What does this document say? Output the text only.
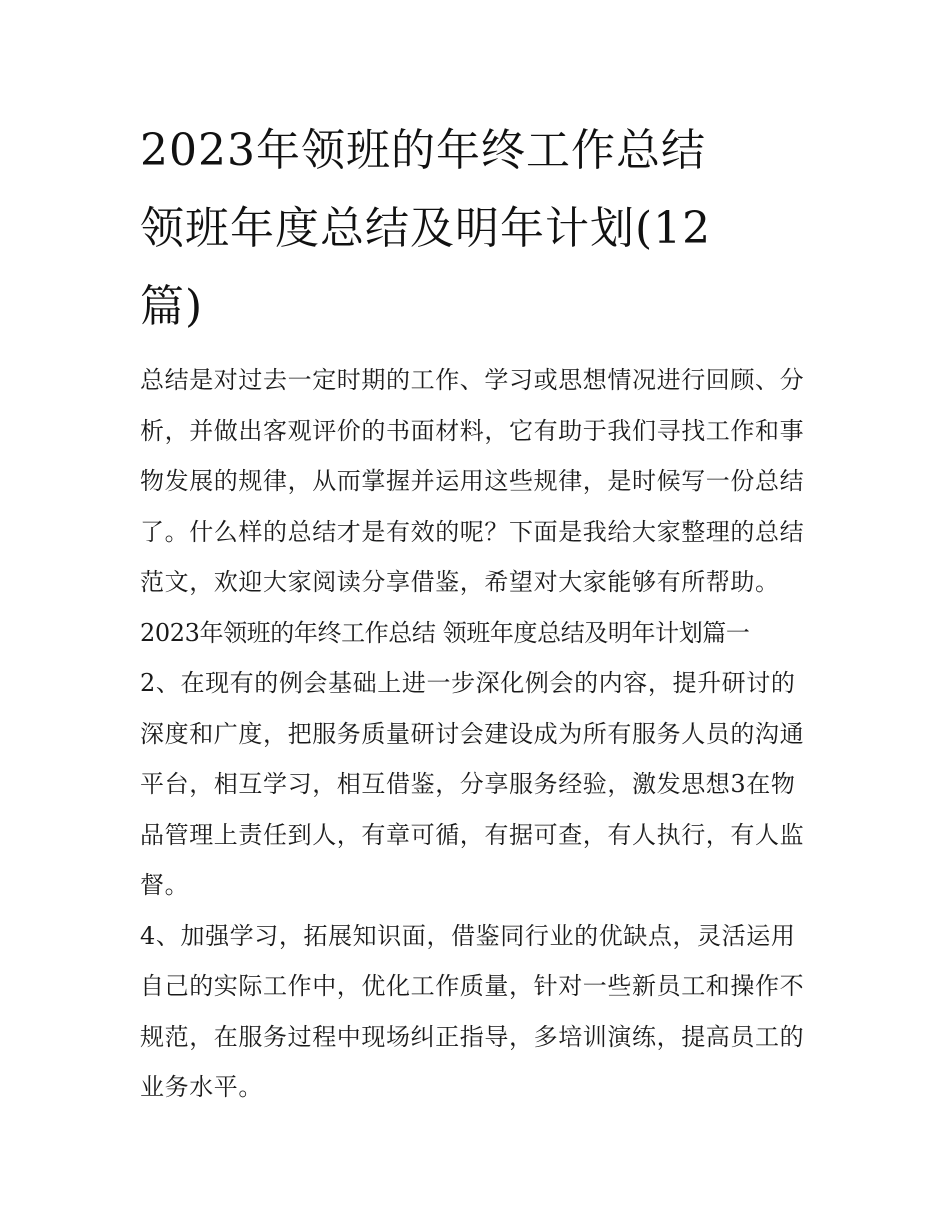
2023年领班的年终工作总结
领班年度总结及明年计划(12
篇)
总结是对过去一定时期的工作、学习或思想情况进行回顾、分
析，并做出客观评价的书面材料，它有助于我们寻找工作和事
物发展的规律，从而掌握并运用这些规律，是时候写一份总结
了。什么样的总结才是有效的呢？下面是我给大家整理的总结
范文，欢迎大家阅读分享借鉴，希望对大家能够有所帮助。
2023年领班的年终工作总结 领班年度总结及明年计划篇一
2、在现有的例会基础上进一步深化例会的内容，提升研讨的
深度和广度，把服务质量研讨会建设成为所有服务人员的沟通
平台，相互学习，相互借鉴，分享服务经验，激发思想3在物
品管理上责任到人，有章可循，有据可查，有人执行，有人监
督。
4、加强学习，拓展知识面，借鉴同行业的优缺点，灵活运用
自己的实际工作中，优化工作质量，针对一些新员工和操作不
规范，在服务过程中现场纠正指导，多培训演练，提高员工的
业务水平。
